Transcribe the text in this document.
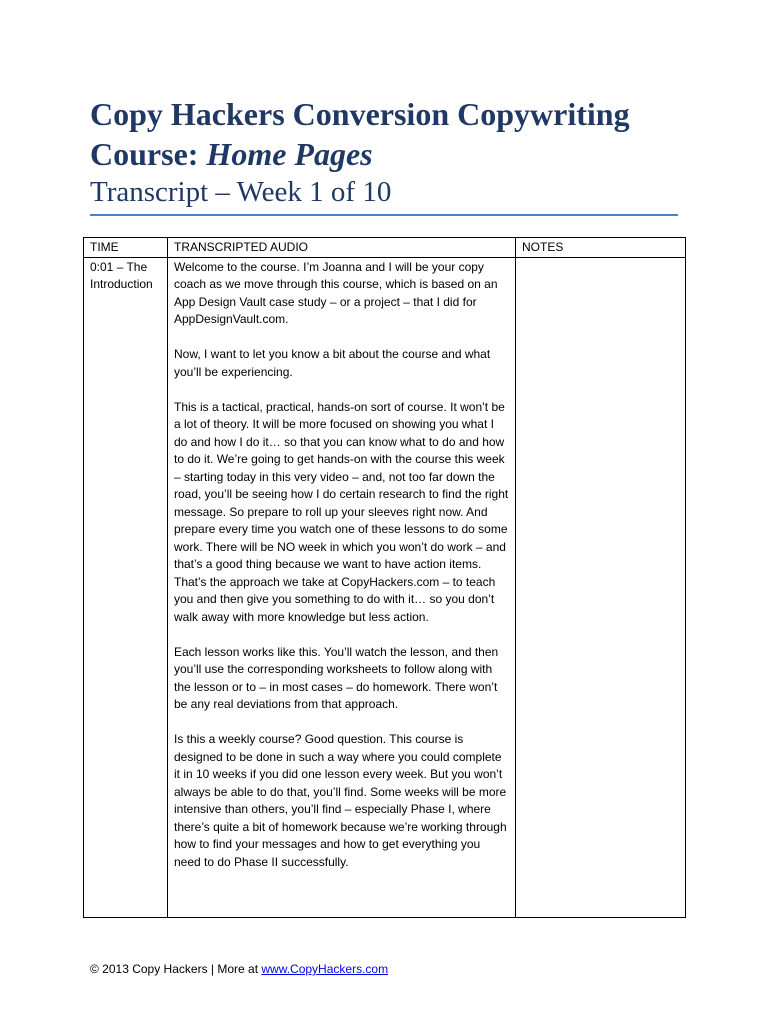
Copy Hackers Conversion Copywriting Course: Home Pages
Transcript – Week 1 of 10
TIME	TRANSCRIPTED AUDIO	NOTES
0:01 – The Introduction	Welcome to the course. I’m Joanna and I will be your copy coach as we move through this course, which is based on an App Design Vault case study – or a project – that I did for AppDesignVault.com.

Now, I want to let you know a bit about the course and what you’ll be experiencing.

This is a tactical, practical, hands-on sort of course. It won’t be a lot of theory. It will be more focused on showing you what I do and how I do it… so that you can know what to do and how to do it. We’re going to get hands-on with the course this week – starting today in this very video – and, not too far down the road, you’ll be seeing how I do certain research to find the right message. So prepare to roll up your sleeves right now. And prepare every time you watch one of these lessons to do some work. There will be NO week in which you won’t do work – and that’s a good thing because we want to have action items. That’s the approach we take at CopyHackers.com – to teach you and then give you something to do with it… so you don’t walk away with more knowledge but less action.

Each lesson works like this. You’ll watch the lesson, and then you’ll use the corresponding worksheets to follow along with the lesson or to – in most cases – do homework. There won’t be any real deviations from that approach.

Is this a weekly course? Good question. This course is designed to be done in such a way where you could complete it in 10 weeks if you did one lesson every week. But you won’t always be able to do that, you’ll find. Some weeks will be more intensive than others, you’ll find – especially Phase I, where there’s quite a bit of homework because we’re working through how to find your messages and how to get everything you need to do Phase II successfully.	

© 2013 Copy Hackers | More at www.CopyHackers.com
